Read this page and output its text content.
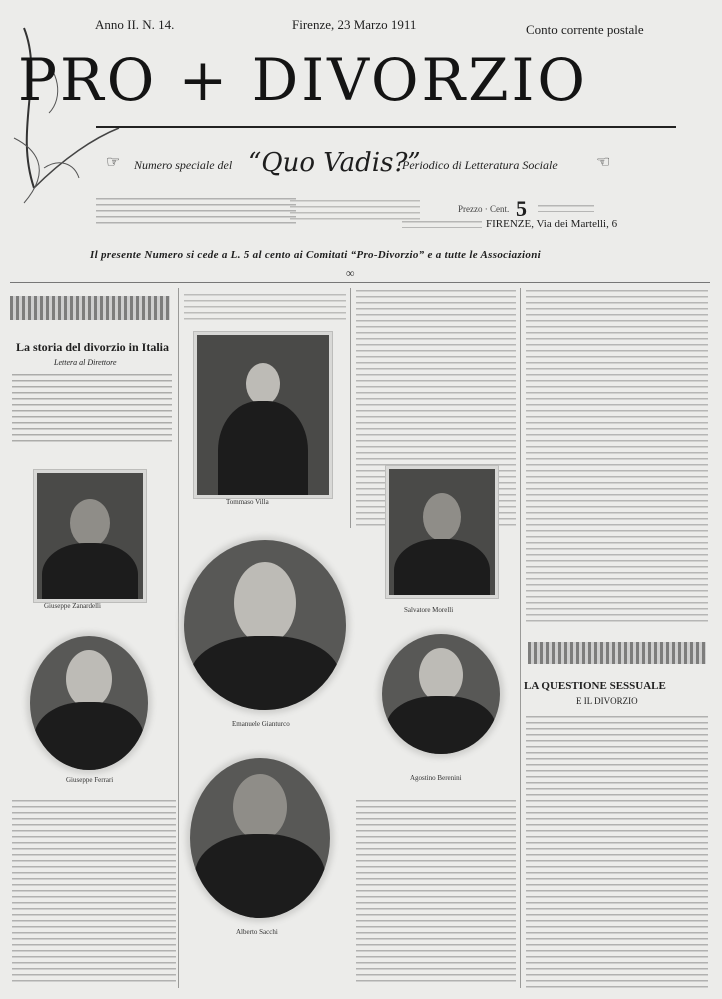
Anno II. N. 14.	Firenze, 23 Marzo 1911	Conto corrente postale
PRO + DIVORZIO
☞ Numero speciale del “Quo Vadis?”
Periodico di Letteratura Sociale ☜
Prezzo · Cent. 5
FIRENZE, Via dei Martelli, 6
Il presente Numero si cede a L. 5 al cento ai Comitati “Pro-Divorzio” e a tutte le Associazioni
∞
La storia del divorzio in Italia
Lettera al Direttore
Tommaso Villa
Giuseppe Zanardelli	Salvatore Morelli
Emanuele Gianturco
Giuseppe Ferrari	Agostino Berenini
Alberto Sacchi
LA QUESTIONE SESSUALE
E IL DIVORZIO
